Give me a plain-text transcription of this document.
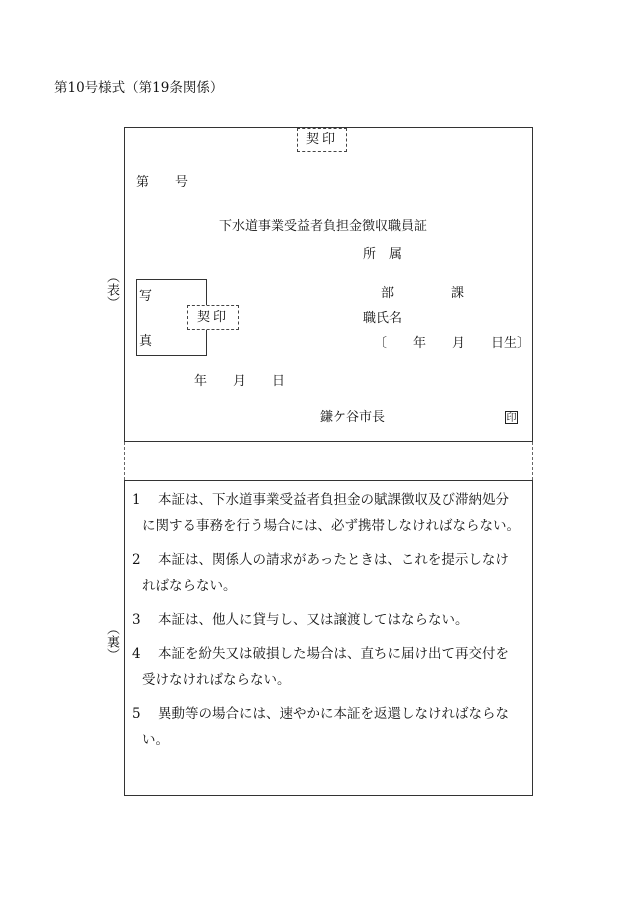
第10号様式（第19条関係）
（表）
（裏）
契印
第　　号
下水道事業受益者負担金徴収職員証
所　属
写
真
契印
部	課
職氏名
〔　　年　　月　　日生〕
年　　月　　日
鎌ケ谷市長	印
1 本証は、下水道事業受益者負担金の賦課徴収及び滞納処分
に関する事務を行う場合には、必ず携帯しなければならない。
2 本証は、関係人の請求があったときは、これを提示しなけ
ればならない。
3 本証は、他人に貸与し、又は譲渡してはならない。
4 本証を紛失又は破損した場合は、直ちに届け出て再交付を
受けなければならない。
5 異動等の場合には、速やかに本証を返還しなければならな
い。
